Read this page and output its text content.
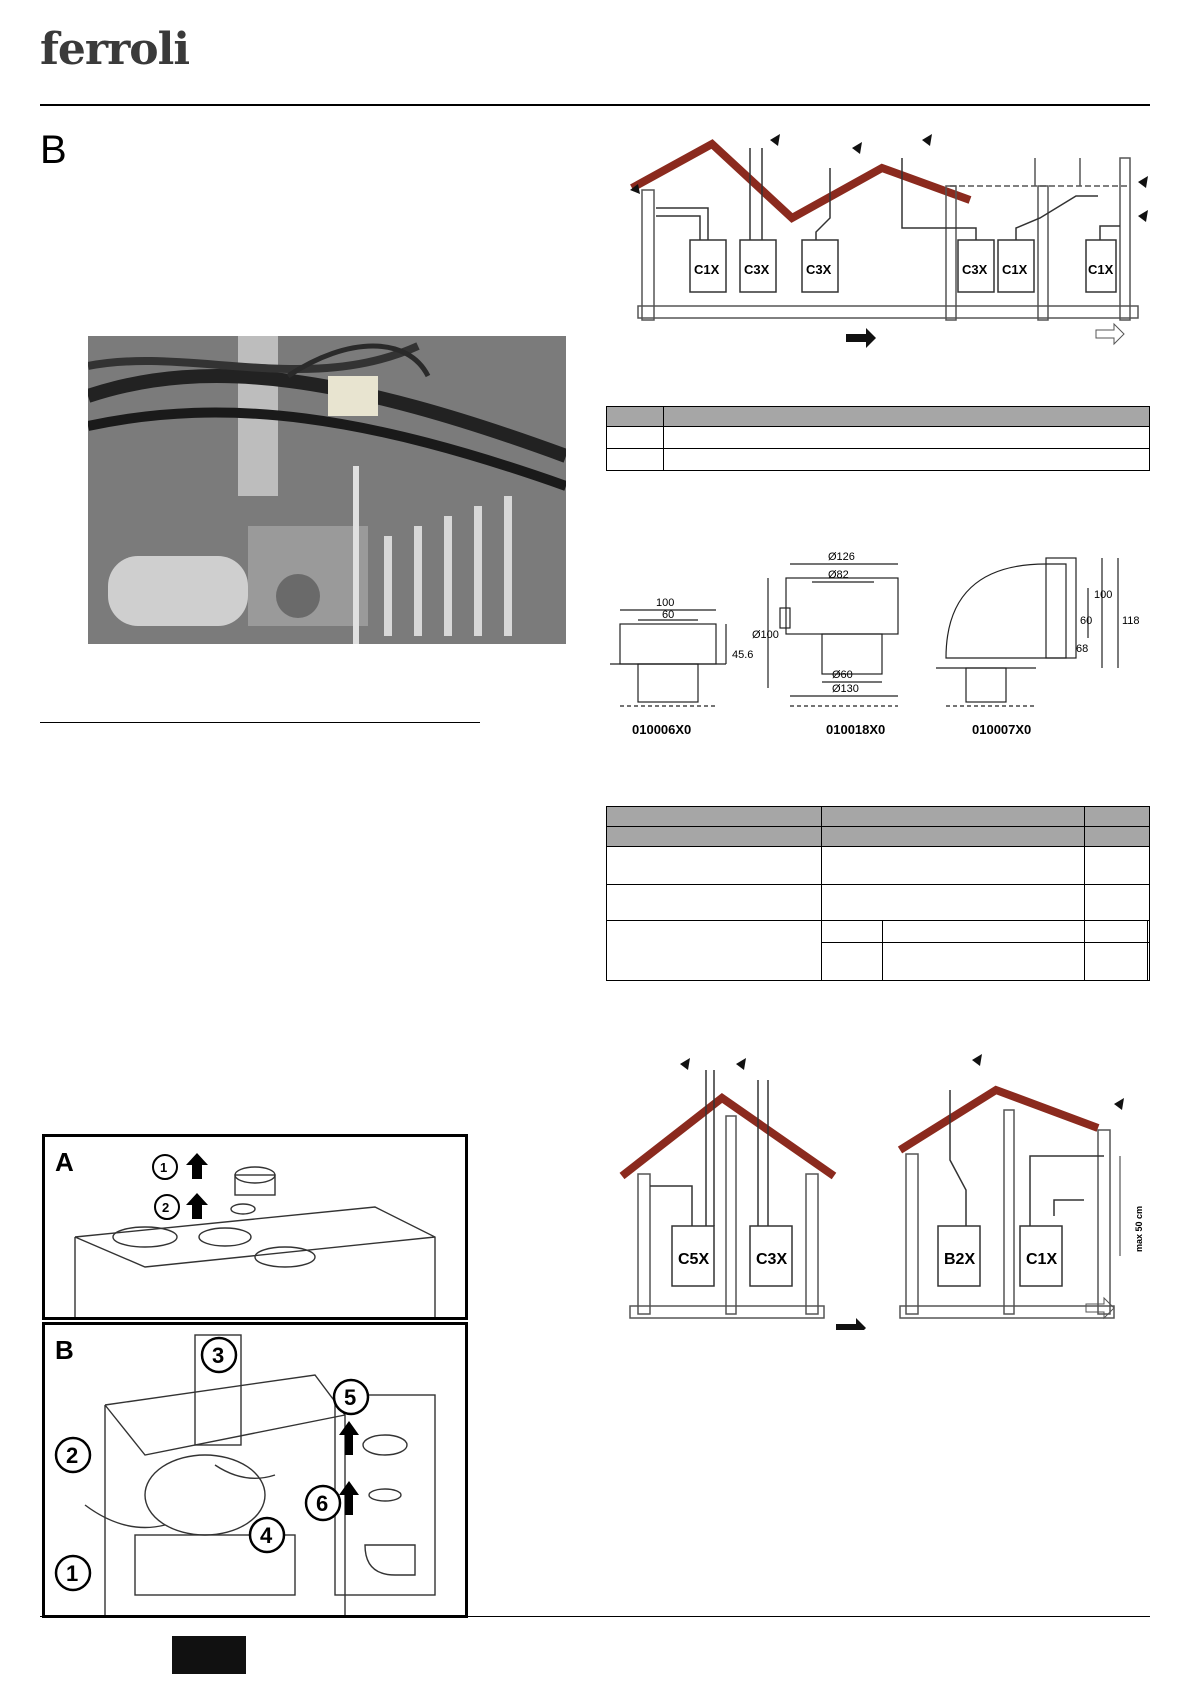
ferroli
B
C1X C3X	C3X	C3X C1X	C1X

100
60
45.6
Ø126
Ø82
Ø100
Ø60
Ø130
60
100
68
118
010006X0	010018X0	010007X0

C5X	C3X	B2X	C1X
max 50 cm
A	1
2
B
1
2
3
4
5
6
